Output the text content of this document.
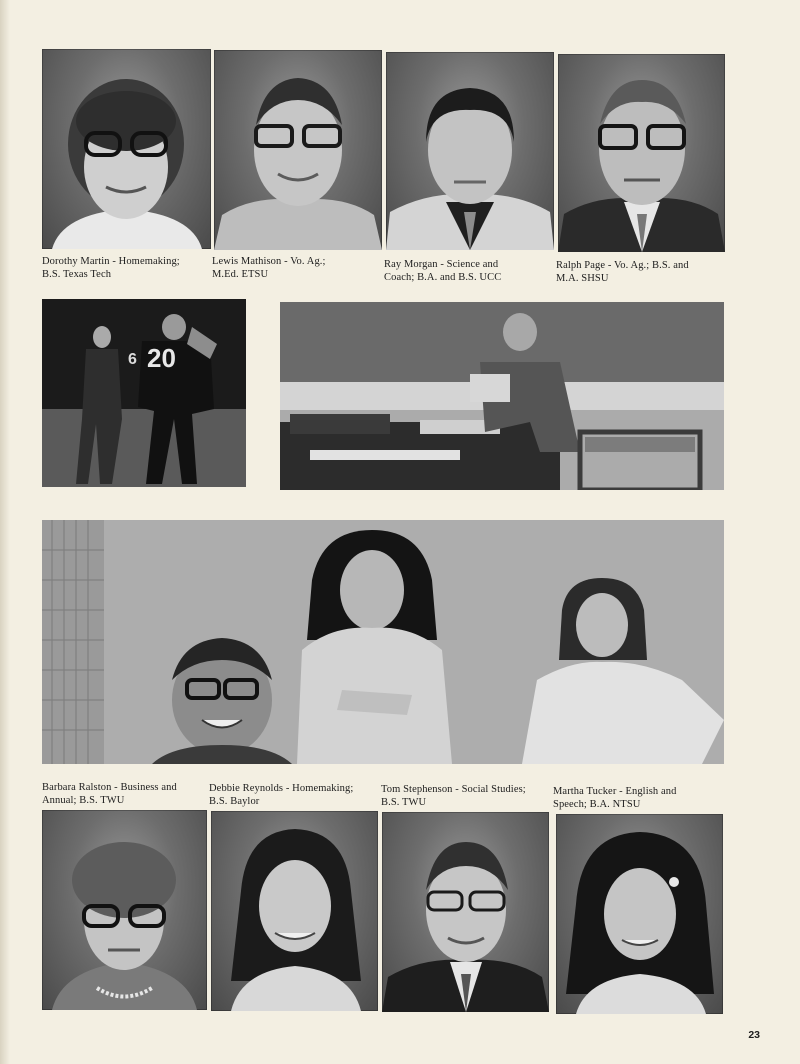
Dorothy Martin - Homemaking;
B.S. Texas Tech
Lewis Mathison - Vo. Ag.;
M.Ed. ETSU
Ray Morgan - Science and
Coach; B.A. and B.S. UCC
Ralph Page - Vo. Ag.; B.S. and
M.A. SHSU
20
6
Barbara Ralston - Business and
Annual; B.S. TWU
Debbie Reynolds - Homemaking;
B.S. Baylor
Tom Stephenson - Social Studies;
B.S. TWU
Martha Tucker - English and
Speech; B.A. NTSU
23
